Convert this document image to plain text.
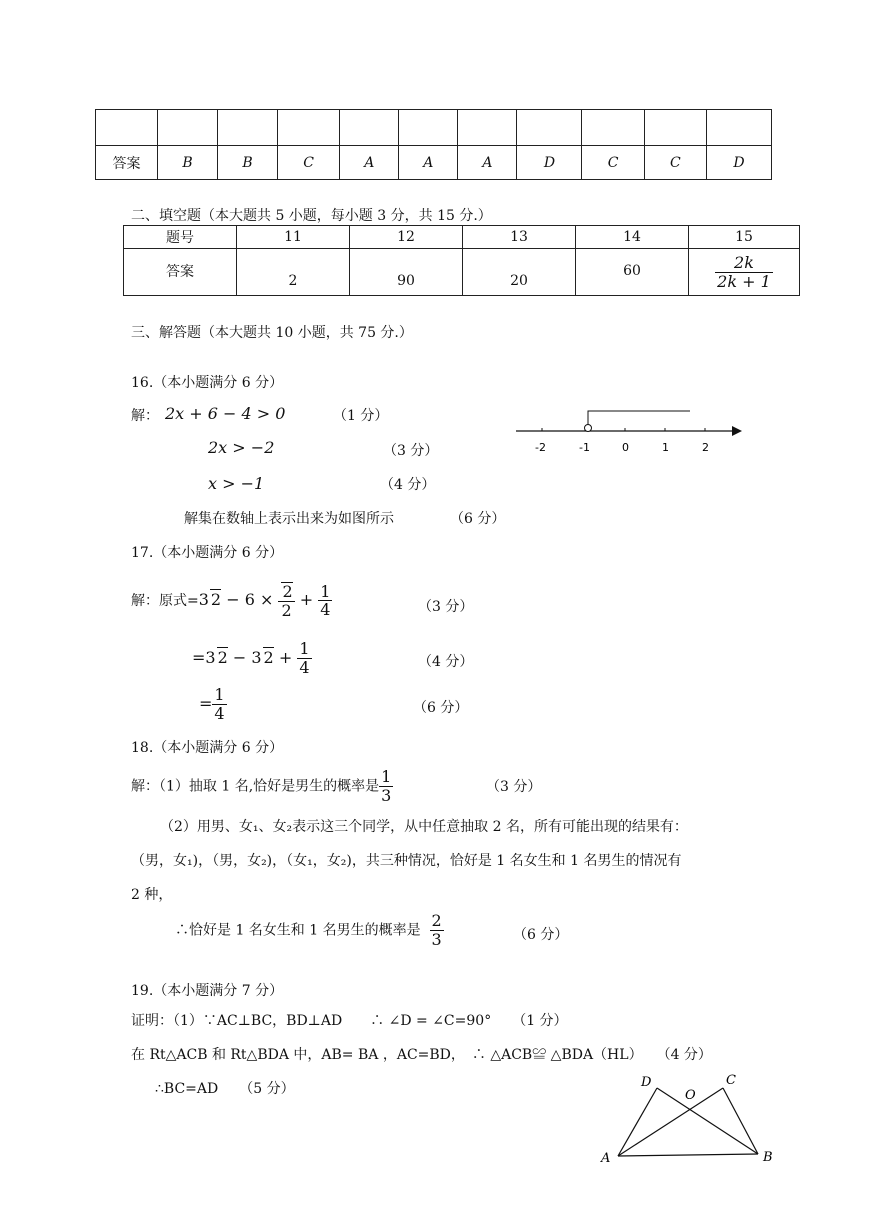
答案	B	B	C	A	A	A	D	C	C	D
二、填空题（本大题共 5 小题，每小题 3 分，共 15 分.）
题号	11	12	13	14	15
答案	2	90	20	60	$\frac{2k}{2k + 1}$
三、解答题（本大题共 10 小题，共 75 分.）
16.（本小题满分 6 分）
解： 2x + 6 − 4 > 0	（1 分）
2x > −2	（3 分）
x > −1	（4 分）
解集在数轴上表示出来为如图所示	（6 分）
-2	-1	0	1	2
17.（本小题满分 6 分）
解：原式=3 $2 - 6 \times \frac{2}{2} + \frac{1}{4}$	（3 分）
=3 2 − 3 $2 + \frac{1}{4}$	（4 分）
= $\frac{1}{4}$	（6 分）
18.（本小题满分 6 分）
解：（1）抽取 1 名,恰好是男生的概率是 $\frac{1}{3}$	（3 分）
（2）用男、女₁、女₂表示这三个同学，从中任意抽取 2 名，所有可能出现的结果有：
（男，女₁)，（男，女₂)，（女₁，女₂)，共三种情况，恰好是 1 名女生和 1 名男生的情况有
2 种，
∴恰好是 1 名女生和 1 名男生的概率是 $\frac{2}{3}$	（6 分）
19.（本小题满分 7 分）
证明：（1）∵AC⊥BC，BD⊥AD　　∴ ∠D = ∠C=90°　　（1 分）
在 Rt△ACB 和 Rt△BDA 中，AB= BA ，AC=BD，　∴ △ACB≌ △BDA（HL）　　（4 分）
∴BC=AD　　（5 分）	D
O
C
A	B
